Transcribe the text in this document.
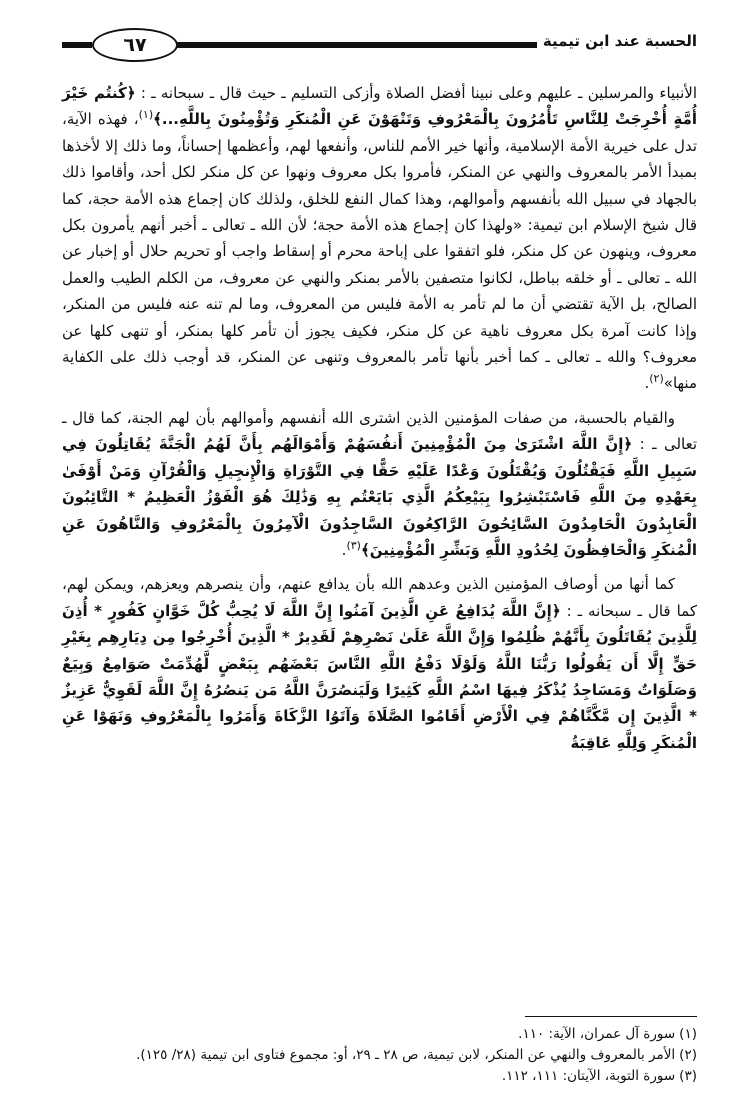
الحسبة عند ابن تيمية
٦٧

الأنبياء والمرسلين ـ عليهم وعلى نبينا أفضل الصلاة وأزكى التسليم ـ حيث قال ـ سبحانه ـ : ﴿كُنتُم خَيْرَ أُمَّةٍ أُخْرِجَتْ لِلنَّاسِ تَأْمُرُونَ بِالْمَعْرُوفِ وَتَنْهَوْنَ عَنِ الْمُنكَرِ وَتُؤْمِنُونَ بِاللَّهِ...﴾$^{(١)}$، فهذه الآية، تدل على خيرية الأمة الإسلامية، وأنها خير الأمم للناس، وأنفعها لهم، وأعظمها إحساناً، وما ذلك إلا لأخذها بمبدأ الأمر بالمعروف والنهي عن المنكر، فأمروا بكل معروف ونهوا عن كل منكر لكل أحد، وأقاموا ذلك بالجهاد في سبيل الله بأنفسهم وأموالهم، وهذا كمال النفع للخلق، ولذلك كان إجماع هذه الأمة حجة، كما قال شيخ الإسلام ابن تيمية: «ولهذا كان إجماع هذه الأمة حجة؛ لأن الله ـ تعالى ـ أخبر أنهم يأمرون بكل معروف، وينهون عن كل منكر، فلو اتفقوا على إباحة محرم أو إسقاط واجب أو تحريم حلال أو إخبار عن الله ـ تعالى ـ أو خلقه بباطل، لكانوا متصفين بالأمر بمنكر والنهي عن معروف، من الكلم الطيب والعمل الصالح، بل الآية تقتضي أن ما لم تأمر به الأمة فليس من المعروف، وما لم تنه عنه فليس من المنكر، وإذا كانت آمرة بكل معروف ناهية عن كل منكر، فكيف يجوز أن تأمر كلها بمنكر، أو تنهى كلها عن معروف؟ والله ـ تعالى ـ كما أخبر بأنها تأمر بالمعروف وتنهى عن المنكر، قد أوجب ذلك على الكفاية منها»$^{(٢)}$.

والقيام بالحسبة، من صفات المؤمنين الذين اشترى الله أنفسهم وأموالهم بأن لهم الجنة، كما قال ـ تعالى ـ : ﴿إِنَّ اللَّهَ اشْتَرَىٰ مِنَ الْمُؤْمِنِينَ أَنفُسَهُمْ وَأَمْوَالَهُم بِأَنَّ لَهُمُ الْجَنَّةَ يُقَاتِلُونَ فِي سَبِيلِ اللَّهِ فَيَقْتُلُونَ وَيُقْتَلُونَ وَعْدًا عَلَيْهِ حَقًّا فِي التَّوْرَاةِ وَالْإِنجِيلِ وَالْقُرْآنِ وَمَنْ أَوْفَىٰ بِعَهْدِهِ مِنَ اللَّهِ فَاسْتَبْشِرُوا بِبَيْعِكُمُ الَّذِي بَايَعْتُم بِهِ وَذَٰلِكَ هُوَ الْفَوْزُ الْعَظِيمُ * التَّائِبُونَ الْعَابِدُونَ الْحَامِدُونَ السَّائِحُونَ الرَّاكِعُونَ السَّاجِدُونَ الْآمِرُونَ بِالْمَعْرُوفِ وَالنَّاهُونَ عَنِ الْمُنكَرِ وَالْحَافِظُونَ لِحُدُودِ اللَّهِ وَبَشِّرِ الْمُؤْمِنِينَ﴾$^{(٣)}$.

كما أنها من أوصاف المؤمنين الذين وعدهم الله بأن يدافع عنهم، وأن ينصرهم ويعزهم، ويمكن لهم، كما قال ـ سبحانه ـ : ﴿إِنَّ اللَّهَ يُدَافِعُ عَنِ الَّذِينَ آمَنُوا إِنَّ اللَّهَ لَا يُحِبُّ كُلَّ خَوَّانٍ كَفُورٍ * أُذِنَ لِلَّذِينَ يُقَاتَلُونَ بِأَنَّهُمْ ظُلِمُوا وَإِنَّ اللَّهَ عَلَىٰ نَصْرِهِمْ لَقَدِيرٌ * الَّذِينَ أُخْرِجُوا مِن دِيَارِهِم بِغَيْرِ حَقٍّ إِلَّا أَن يَقُولُوا رَبُّنَا اللَّهُ وَلَوْلَا دَفْعُ اللَّهِ النَّاسَ بَعْضَهُم بِبَعْضٍ لَّهُدِّمَتْ صَوَامِعُ وَبِيَعٌ وَصَلَوَاتٌ وَمَسَاجِدُ يُذْكَرُ فِيهَا اسْمُ اللَّهِ كَثِيرًا وَلَيَنصُرَنَّ اللَّهُ مَن يَنصُرُهُ إِنَّ اللَّهَ لَقَوِيٌّ عَزِيزٌ * الَّذِينَ إِن مَّكَّنَّاهُمْ فِي الْأَرْضِ أَقَامُوا الصَّلَاةَ وَآتَوُا الزَّكَاةَ وَأَمَرُوا بِالْمَعْرُوفِ وَنَهَوْا عَنِ الْمُنكَرِ وَلِلَّهِ عَاقِبَةُ

(١)سورة آل عمران، الآية: ١١٠.

(٢)الأمر بالمعروف والنهي عن المنكر، لابن تيمية، ص ٢٨ ـ ٢٩، أو: مجموع فتاوى ابن تيمية (٢٨/ ١٢٥).

(٣)سورة التوبة، الآيتان: ١١١، ١١٢.
